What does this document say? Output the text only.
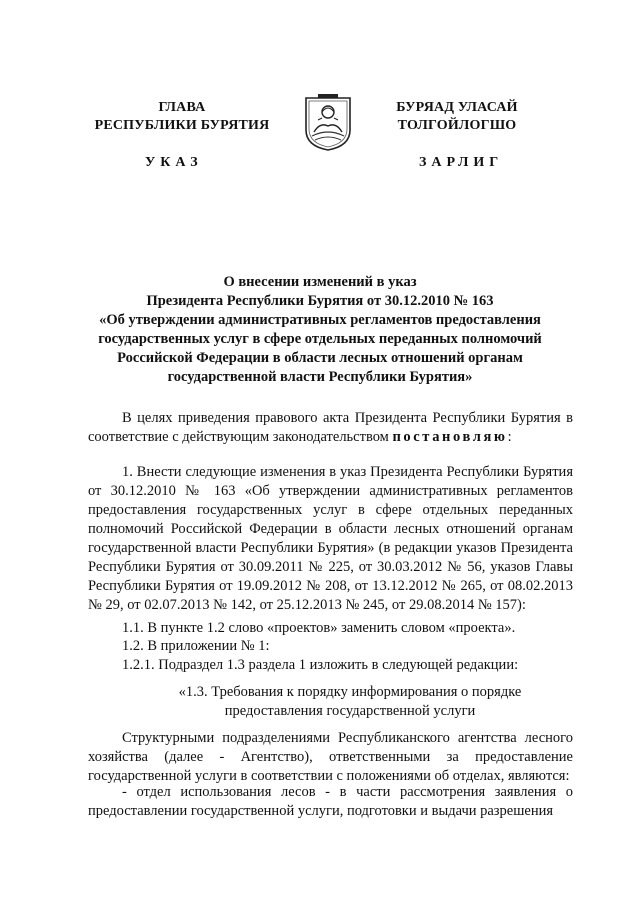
ГЛАВА
РЕСПУБЛИКИ БУРЯТИЯ
УКАЗ
БУРЯАД УЛАСАЙ
ТОЛГОЙЛОГШО
ЗАРЛИГ
О внесении изменений в указ
Президента Республики Бурятия от 30.12.2010 № 163
«Об утверждении административных регламентов предоставления
государственных услуг в сфере отдельных переданных полномочий
Российской Федерации в области лесных отношений органам
государственной власти Республики Бурятия»
В целях приведения правового акта Президента Республики Бурятия в соответствие с действующим законодательством постановляю:
1. Внести следующие изменения в указ Президента Республики Бурятия от 30.12.2010 № 163 «Об утверждении административных регламентов предоставления государственных услуг в сфере отдельных переданных полномочий Российской Федерации в области лесных отношений органам государственной власти Республики Бурятия» (в редакции указов Президента Республики Бурятия от 30.09.2011 № 225, от 30.03.2012 № 56, указов Главы Республики Бурятия от 19.09.2012 № 208, от 13.12.2012 № 265, от 08.02.2013 № 29, от 02.07.2013 № 142, от 25.12.2013 № 245, от 29.08.2014 № 157):
1.1. В пункте 1.2 слово «проектов» заменить словом «проекта».
1.2. В приложении № 1:
1.2.1. Подраздел 1.3 раздела 1 изложить в следующей редакции:
«1.3. Требования к порядку информирования о порядке
предоставления государственной услуги
Структурными подразделениями Республиканского агентства лесного хозяйства (далее - Агентство), ответственными за предоставление государственной услуги в соответствии с положениями об отделах, являются:
- отдел использования лесов - в части рассмотрения заявления о предоставлении государственной услуги, подготовки и выдачи разрешения
